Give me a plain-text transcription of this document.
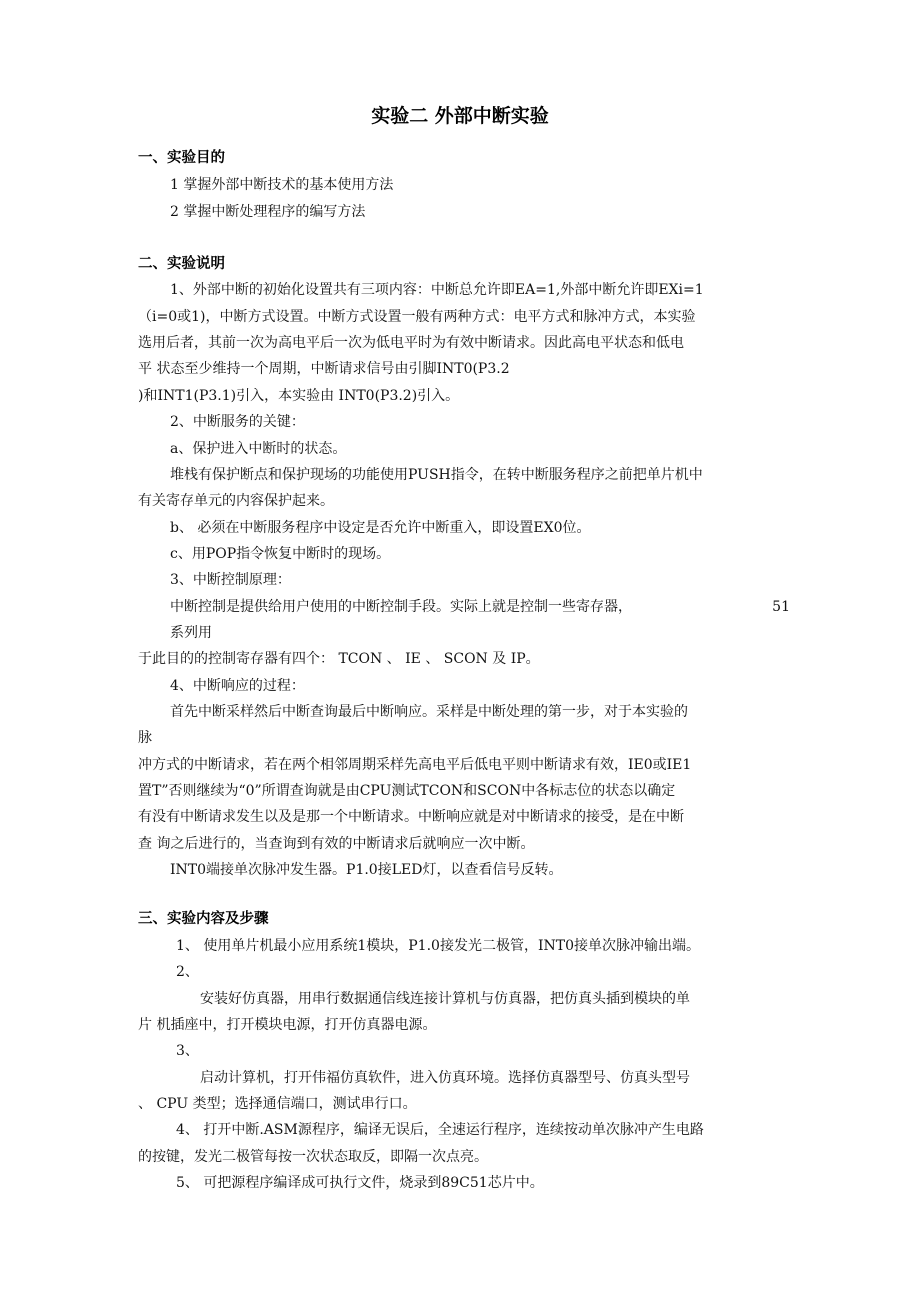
实验二 外部中断实验
一、实验目的
1 掌握外部中断技术的基本使用方法
2 掌握中断处理程序的编写方法
二、实验说明
1、外部中断的初始化设置共有三项内容：中断总允许即EA=1,外部中断允许即EXi=1
（i=0或1)，中断方式设置。中断方式设置一般有两种方式：电平方式和脉冲方式，本实验
选用后者，其前一次为高电平后一次为低电平时为有效中断请求。因此高电平状态和低电
平 状态至少维持一个周期，中断请求信号由引脚INT0(P3.2
)和INT1(P3.1)引入，本实验由 INT0(P3.2)引入。
2、中断服务的关键：
a、保护进入中断时的状态。
堆栈有保护断点和保护现场的功能使用PUSH指令，在转中断服务程序之前把单片机中
有关寄存单元的内容保护起来。
b、 必须在中断服务程序中设定是否允许中断重入，即设置EX0位。
c、用POP指令恢复中断时的现场。
3、中断控制原理：
中断控制是提供给用户使用的中断控制手段。实际上就是控制一些寄存器，	51
系列用
于此目的的控制寄存器有四个： TCON 、 IE 、 SCON 及 IP。
4、中断响应的过程：
首先中断采样然后中断查询最后中断响应。采样是中断处理的第一步，对于本实验的
脉
冲方式的中断请求，若在两个相邻周期采样先高电平后低电平则中断请求有效，IE0或IE1
置T”否则继续为“0”所谓查询就是由CPU测试TCON和SCON中各标志位的状态以确定
有没有中断请求发生以及是那一个中断请求。中断响应就是对中断请求的接受，是在中断
查 询之后进行的，当查询到有效的中断请求后就响应一次中断。
INT0端接单次脉冲发生器。P1.0接LED灯，以查看信号反转。
三、实验内容及步骤
1、 使用单片机最小应用系统1模块，P1.0接发光二极管，INT0接单次脉冲输出端。
2、
安装好仿真器，用串行数据通信线连接计算机与仿真器，把仿真头插到模块的单
片 机插座中，打开模块电源，打开仿真器电源。
3、
启动计算机，打开伟福仿真软件，进入仿真环境。选择仿真器型号、仿真头型号
、 CPU 类型；选择通信端口，测试串行口。
4、 打开中断.ASM源程序，编译无误后，全速运行程序，连续按动单次脉冲产生电路
的按键，发光二极管每按一次状态取反，即隔一次点亮。
5、 可把源程序编译成可执行文件，烧录到89C51芯片中。
